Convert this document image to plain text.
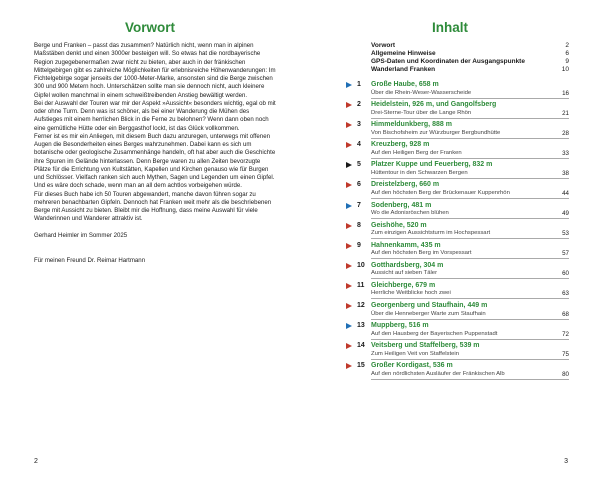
Vorwort

Berge und Franken – passt das zusammen? Natürlich nicht, wenn man in alpinen Maßstäben denkt und einen 3000er besteigen will. So etwas hat die nordbayerische Region zugegebenermaßen zwar nicht zu bieten, aber auch in der fränkischen Mittelgebirgen gibt es zahlreiche Möglichkeiten für erlebnisreiche Höhenwanderungen: Im Fichtelgebirge sogar jenseits der 1000-Meter-Marke, ansonsten sind die Berge zwischen 300 und 900 Metern hoch. Unterschätzen sollte man sie dennoch nicht, auch kleinere Gipfel wollen manchmal in einem schweißtreibenden Anstieg bewältigt werden.

Bei der Auswahl der Touren war mir der Aspekt »Aussicht« besonders wichtig, egal ob mit oder ohne Turm. Denn was ist schöner, als bei einer Wanderung die Mühen des Aufstieges mit einem herrlichen Blick in die Ferne zu belohnen? Wenn dann oben noch eine gemütliche Hütte oder ein Berggasthof lockt, ist das Glück vollkommen.

Ferner ist es mir ein Anliegen, mit diesem Buch dazu anzuregen, unterwegs mit offenen Augen die Besonderheiten eines Berges wahrzunehmen. Dabei kann es sich um botanische oder geologische Zusammenhänge handeln, oft hat aber auch die Geschichte ihre Spuren im Gelände hinterlassen. Denn Berge waren zu allen Zeiten bevorzugte Plätze für die Errichtung von Kultstätten, Kapellen und Kirchen genauso wie für Burgen und Schlösser. Vielfach ranken sich auch Mythen, Sagen und Legenden um einen Gipfel. Und es wäre doch schade, wenn man an all dem achtlos vorbeigehen würde.

Für dieses Buch habe ich 50 Touren abgewandert, manche davon führen sogar zu mehreren benachbarten Gipfeln. Dennoch hat Franken weit mehr als die beschriebenen Berge mit Aussicht zu bieten. Bleibt mir die Hoffnung, dass meine Auswahl für viele Wanderinnen und Wanderer attraktiv ist.

Gerhard Heimler im Sommer 2025

Für meinen Freund Dr. Reimar Hartmann

2
Inhalt
3
Vorwort	2
Allgemeine Hinweise	6
GPS-Daten und Koordinaten der Ausgangspunkte	9
Wanderland Franken	10
1 Große Haube, 658 m
Über die Rhein-Weser-Wasserscheide	16
2 Heidelstein, 926 m, und Gangolfsberg
Drei-Sterne-Tour über die Lange Rhön	21
3 Himmeldunkberg, 888 m
Von Bischofsheim zur Würzburger Bergbundhütte	28
4 Kreuzberg, 928 m
Auf den Heiligen Berg der Franken	33
5 Platzer Kuppe und Feuerberg, 832 m
Hüttentour in den Schwarzen Bergen	38
6 Dreistelzberg, 660 m
Auf den höchsten Berg der Brückenauer Kuppenrhön	44
7 Sodenberg, 481 m
Wo die Adonisröschen blühen	49
8 Geishöhe, 520 m
Zum einzigen Aussichtsturm im Hochspessart	53
9 Hahnenkamm, 435 m
Auf den höchsten Berg im Vorspessart	57
10 Gotthardsberg, 304 m
Aussicht auf sieben Täler	60
11 Gleichberge, 679 m
Herrliche Weitblicke hoch zwei	63
12 Georgenberg und Staufhain, 449 m
Über die Henneberger Warte zum Staufhain	68
13 Muppberg, 516 m
Auf den Hausberg der Bayerischen Puppenstadt	72
14 Veitsberg und Staffelberg, 539 m
Zum Heiligen Veit von Staffelstein	75
15 Großer Kordigast, 536 m
Auf den nördlichsten Ausläufer der Fränkischen Alb	80
